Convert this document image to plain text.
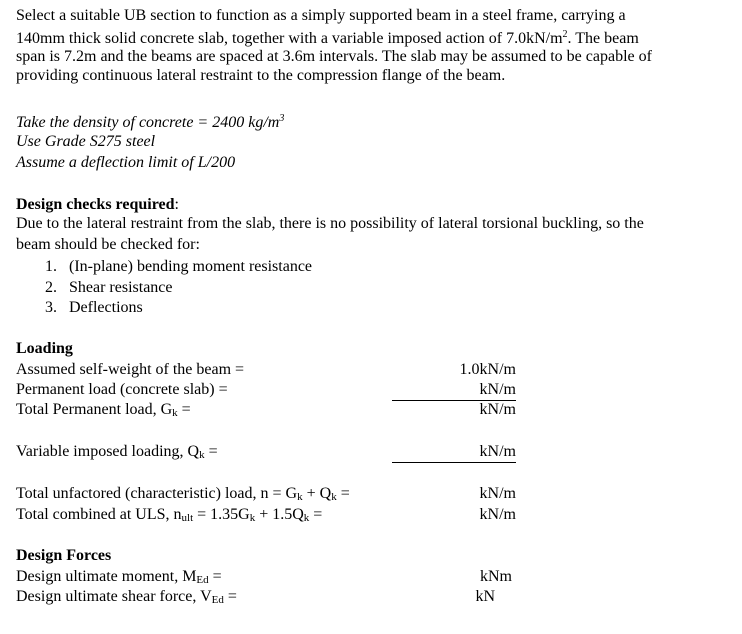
Select a suitable UB section to function as a simply supported beam in a steel frame, carrying a
140mm thick solid concrete slab, together with a variable imposed action of $7.0kN/m^2$. The beam
span is 7.2m and the beams are spaced at 3.6m intervals. The slab may be assumed to be capable of
providing continuous lateral restraint to the compression flange of the beam.
Take the density of concrete = 2400 $kg/m^3$
Use Grade S275 steel
Assume a deflection limit of L/200
Design checks required:
Due to the lateral restraint from the slab, there is no possibility of lateral torsional buckling, so the
beam should be checked for:
1. (In-plane) bending moment resistance
2. Shear resistance
3. Deflections
Loading
Assumed self-weight of the beam =	1.0kN/m
Permanent load (concrete slab) =	kN/m
Total Permanent load, Gk =	kN/m
Variable imposed loading, Qk =	kN/m
Total unfactored (characteristic) load, n = Gk + Qk =	kN/m
Total combined at ULS, nult = 1.35Gk + 1.5Qk =	kN/m
Design Forces
Design ultimate moment, MEd =	kNm
Design ultimate shear force, VEd =	kN
